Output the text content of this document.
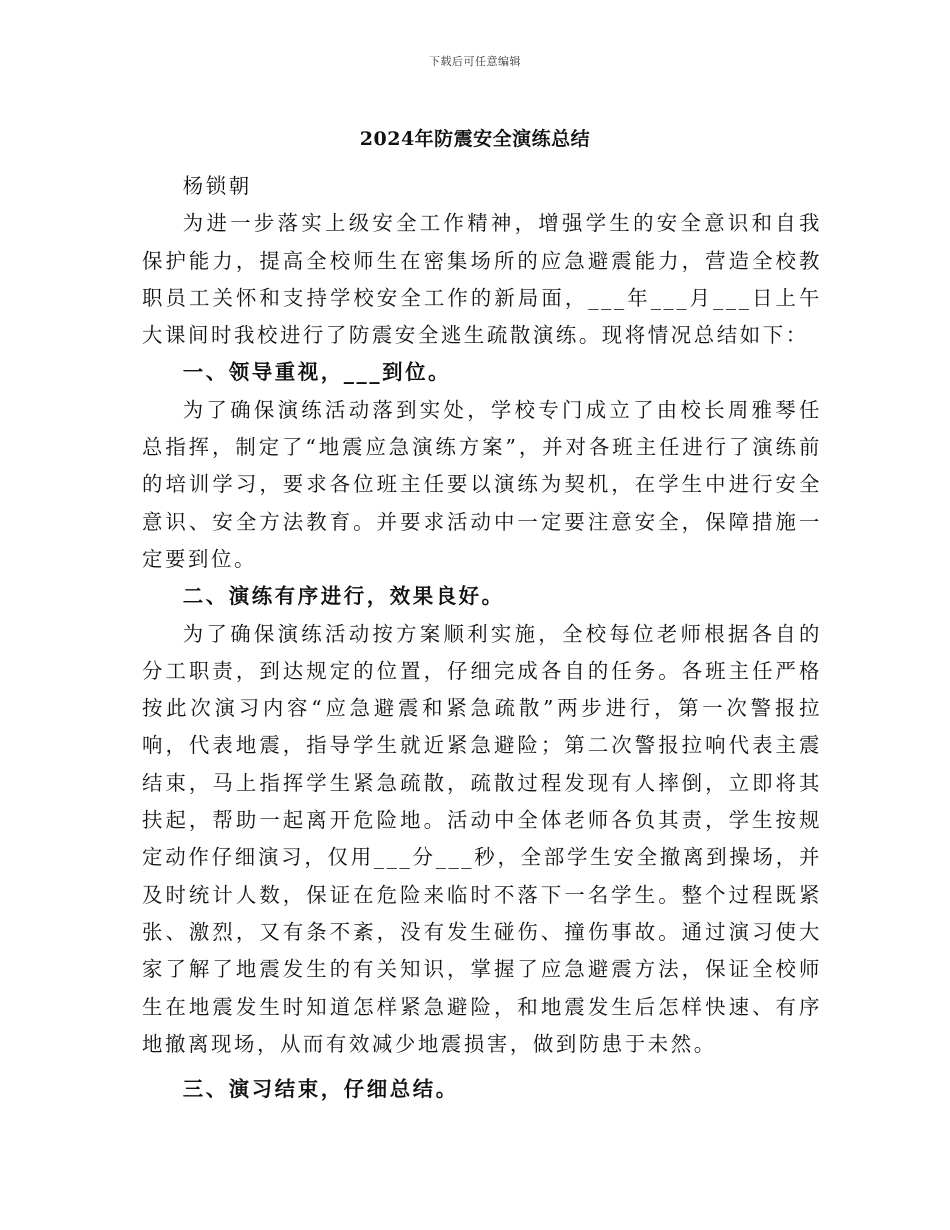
下载后可任意编辑
2024年防震安全演练总结

杨锁朝

为进一步落实上级安全工作精神，增强学生的安全意识和自我保护能力，提高全校师生在密集场所的应急避震能力，营造全校教职员工关怀和支持学校安全工作的新局面，___年___月___日上午大课间时我校进行了防震安全逃生疏散演练。现将情况总结如下：

一、领导重视，___到位。

为了确保演练活动落到实处，学校专门成立了由校长周雅琴任总指挥，制定了“地震应急演练方案”，并对各班主任进行了演练前的培训学习，要求各位班主任要以演练为契机，在学生中进行安全意识、安全方法教育。并要求活动中一定要注意安全，保障措施一定要到位。

二、演练有序进行，效果良好。

为了确保演练活动按方案顺利实施，全校每位老师根据各自的分工职责，到达规定的位置，仔细完成各自的任务。各班主任严格按此次演习内容“应急避震和紧急疏散”两步进行，第一次警报拉响，代表地震，指导学生就近紧急避险；第二次警报拉响代表主震结束，马上指挥学生紧急疏散，疏散过程发现有人摔倒，立即将其扶起，帮助一起离开危险地。活动中全体老师各负其责，学生按规定动作仔细演习，仅用___分___秒，全部学生安全撤离到操场，并及时统计人数，保证在危险来临时不落下一名学生。整个过程既紧张、激烈，又有条不紊，没有发生碰伤、撞伤事故。通过演习使大家了解了地震发生的有关知识，掌握了应急避震方法，保证全校师生在地震发生时知道怎样紧急避险，和地震发生后怎样快速、有序地撤离现场，从而有效减少地震损害，做到防患于未然。

三、演习结束，仔细总结。
